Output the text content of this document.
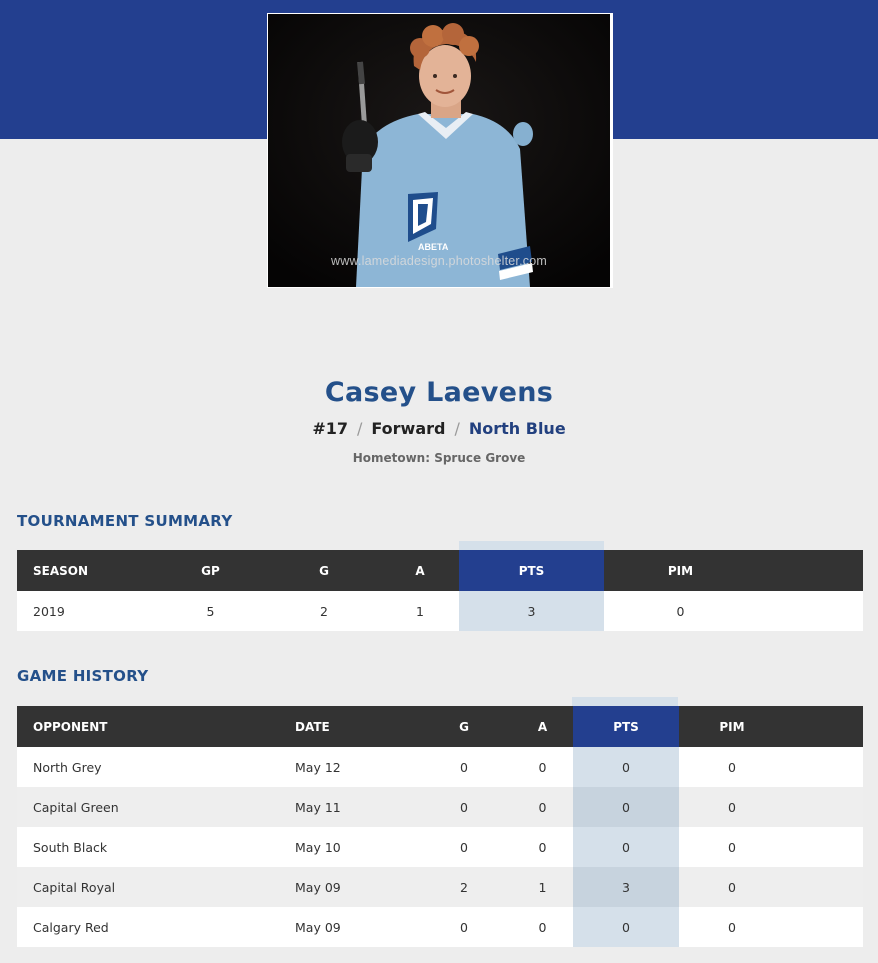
ABETA
www.lamediadesign.photoshelter.com
Casey Laevens
#17 / Forward / North Blue
Hometown: Spruce Grove
TOURNAMENT SUMMARY
SEASON	GP	G	A	PTS	PIM	
2019	5	2	1	3	0	
GAME HISTORY
OPPONENT	DATE	G	A	PTS	PIM	
North Grey	May 12	0	0	0	0	
Capital Green	May 11	0	0	0	0	
South Black	May 10	0	0	0	0	
Capital Royal	May 09	2	1	3	0	
Calgary Red	May 09	0	0	0	0	
